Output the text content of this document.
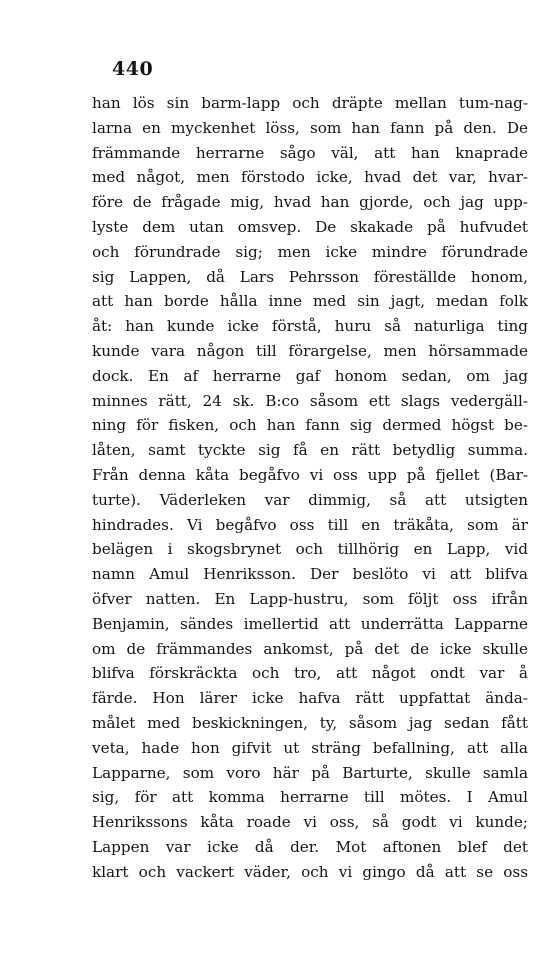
440
han lös sin barm-lapp och dräpte mellan tum-nag-
larna en myckenhet löss, som han fann på den. De
främmande herrarne sågo väl, att han knaprade
med något, men förstodo icke, hvad det var, hvar-
före de frågade mig, hvad han gjorde, och jag upp-
lyste dem utan omsvep. De skakade på hufvudet
och förundrade sig; men icke mindre förundrade
sig Lappen, då Lars Pehrsson föreställde honom,
att han borde hålla inne med sin jagt, medan folk
åt: han kunde icke förstå, huru så naturliga ting
kunde vara någon till förargelse, men hörsammade
dock. En af herrarne gaf honom sedan, om jag
minnes rätt, 24 sk. B:co såsom ett slags vedergäll-
ning för fisken, och han fann sig dermed högst be-
låten, samt tyckte sig få en rätt betydlig summa.
Från denna kåta begåfvo vi oss upp på fjellet (Bar-
turte). Väderleken var dimmig, så att utsigten
hindrades. Vi begåfvo oss till en träkåta, som är
belägen i skogsbrynet och tillhörig en Lapp, vid
namn Amul Henriksson. Der beslöto vi att blifva
öfver natten. En Lapp-hustru, som följt oss ifrån
Benjamin, sändes imellertid att underrätta Lapparne
om de främmandes ankomst, på det de icke skulle
blifva förskräckta och tro, att något ondt var å
färde. Hon lärer icke hafva rätt uppfattat ända-
målet med beskickningen, ty, såsom jag sedan fått
veta, hade hon gifvit ut sträng befallning, att alla
Lapparne, som voro här på Barturte, skulle samla
sig, för att komma herrarne till mötes. I Amul
Henrikssons kåta roade vi oss, så godt vi kunde;
Lappen var icke då der. Mot aftonen blef det
klart och vackert väder, och vi gingo då att se oss
